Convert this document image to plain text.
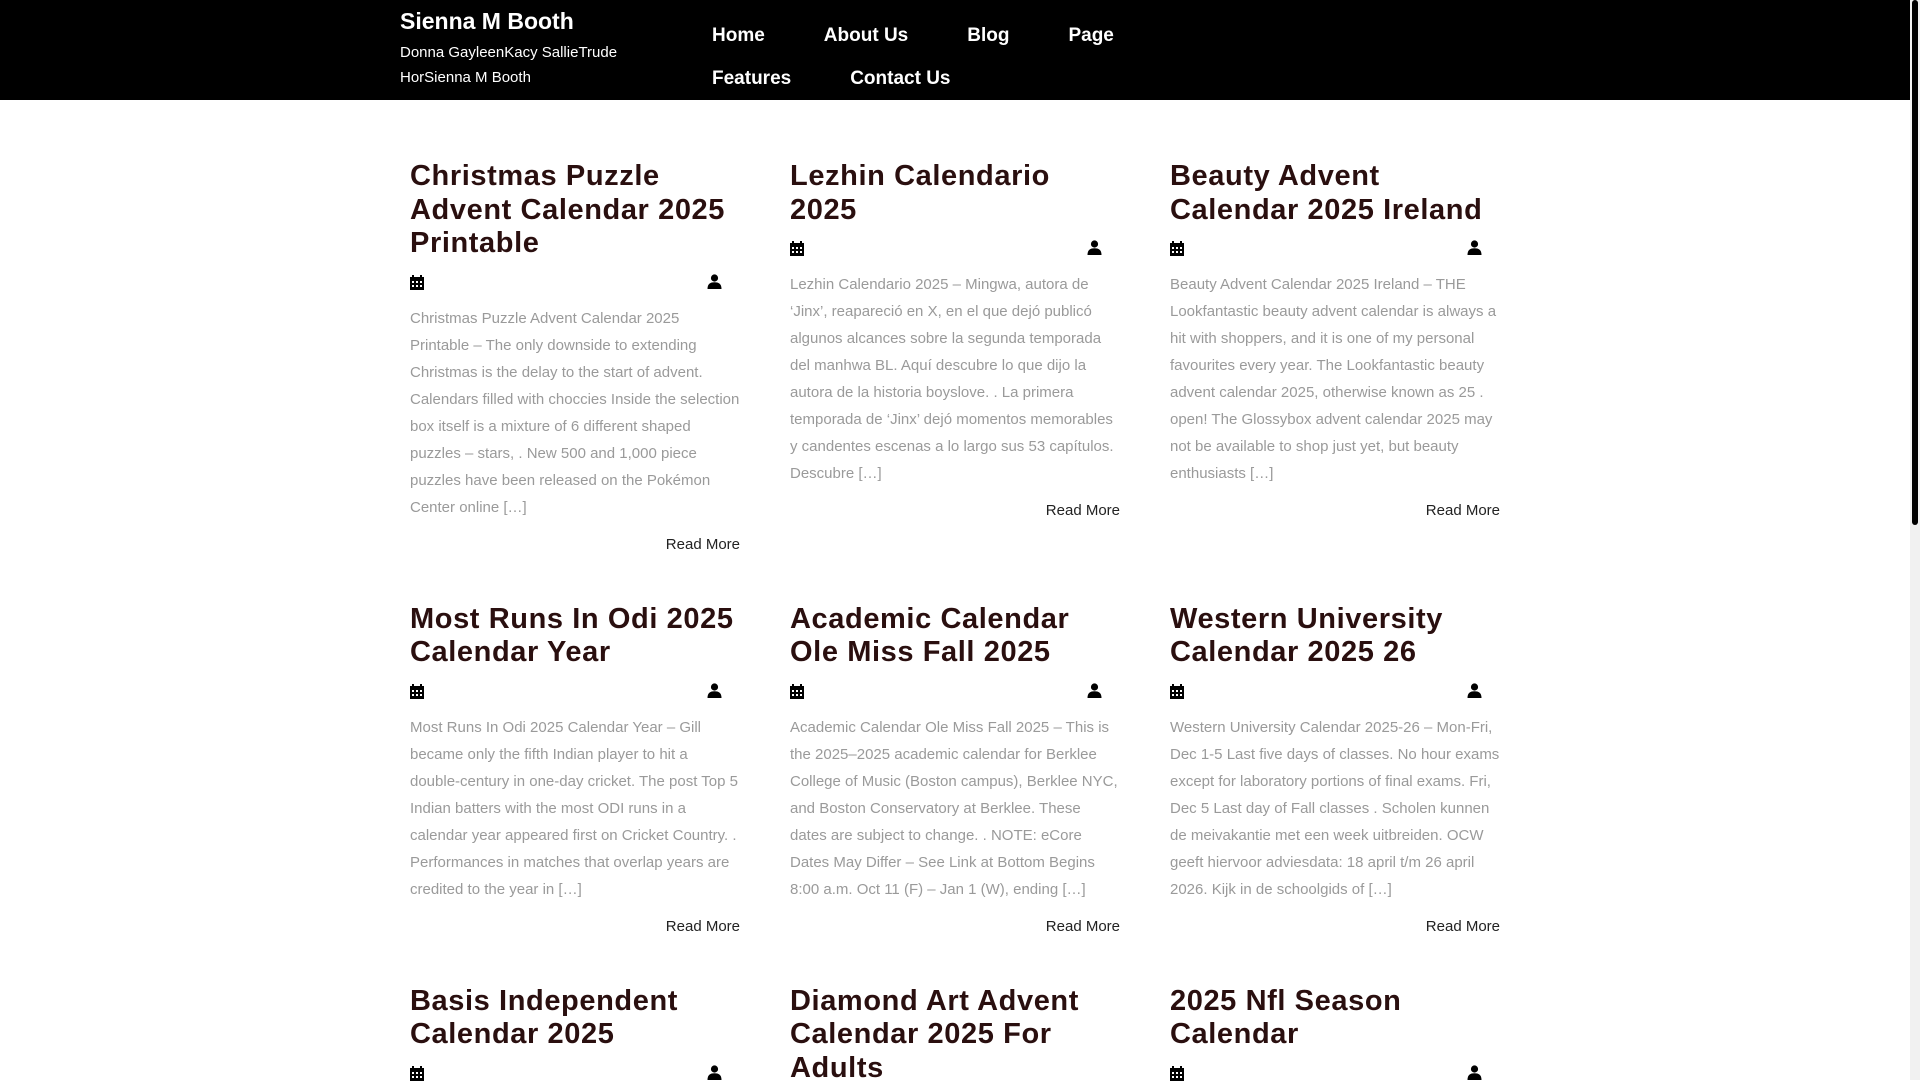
Sienna M Booth
Donna GayleenKacy SallieTrude HorSienna M Booth
Home	About Us	Blog	PageFeatures	Contact Us
Christmas Puzzle Advent Calendar 2025 Printable

Christmas Puzzle Advent Calendar 2025 Printable – The only downside to extending Christmas is the delay to the start of advent. Calendars filled with choccies Inside the selection box itself is a mixture of 6 different shaped puzzles – stars, . New 500 and 1,000 piece puzzles have been released on the Pokémon Center online […]

Read More
Lezhin Calendario 2025

Lezhin Calendario 2025 – Mingwa, autora de ‘Jinx’, reapareció en X, en el que dejó publicó algunos alcances sobre la segunda temporada del manhwa BL. Aquí descubre lo que dijo la autora de la historia boyslove. . La primera temporada de ‘Jinx’ dejó momentos memorables y candentes escenas a lo largo sus 53 capítulos. Descubre […]

Read More
Beauty Advent Calendar 2025 Ireland

Beauty Advent Calendar 2025 Ireland – THE Lookfantastic beauty advent calendar is always a hit with shoppers, and it is one of my personal favourites every year. The Lookfantastic beauty advent calendar 2025, otherwise known as 25 . open! The Glossybox advent calendar 2025 may not be available to shop just yet, but beauty enthusiasts […]

Read More
Most Runs In Odi 2025 Calendar Year

Most Runs In Odi 2025 Calendar Year – Gill became only the fifth Indian player to hit a double-century in one-day cricket. The post Top 5 Indian batters with the most ODI runs in a calendar year appeared first on Cricket Country. . Performances in matches that overlap years are credited to the year in […]

Read More
Academic Calendar Ole Miss Fall 2025

Academic Calendar Ole Miss Fall 2025 – This is the 2025–2025 academic calendar for Berklee College of Music (Boston campus), Berklee NYC, and Boston Conservatory at Berklee. These dates are subject to change. . NOTE: eCore Dates May Differ – See Link at Bottom Begins 8:00 a.m. Oct 11 (F) – Jan 1 (W), ending […]

Read More
Western University Calendar 2025 26

Western University Calendar 2025-26 – Mon-Fri, Dec 1-5 Last five days of classes. No hour exams except for laboratory portions of final exams. Fri, Dec 5 Last day of Fall classes . Scholen kunnen de meivakantie met een week uitbreiden. OCW geeft hiervoor adviesdata: 18 april t/m 26 april 2026. Kijk in de schoolgids of […]

Read More
Basis Independent Calendar 2025
Diamond Art Advent Calendar 2025 For Adults
2025 Nfl Season Calendar
